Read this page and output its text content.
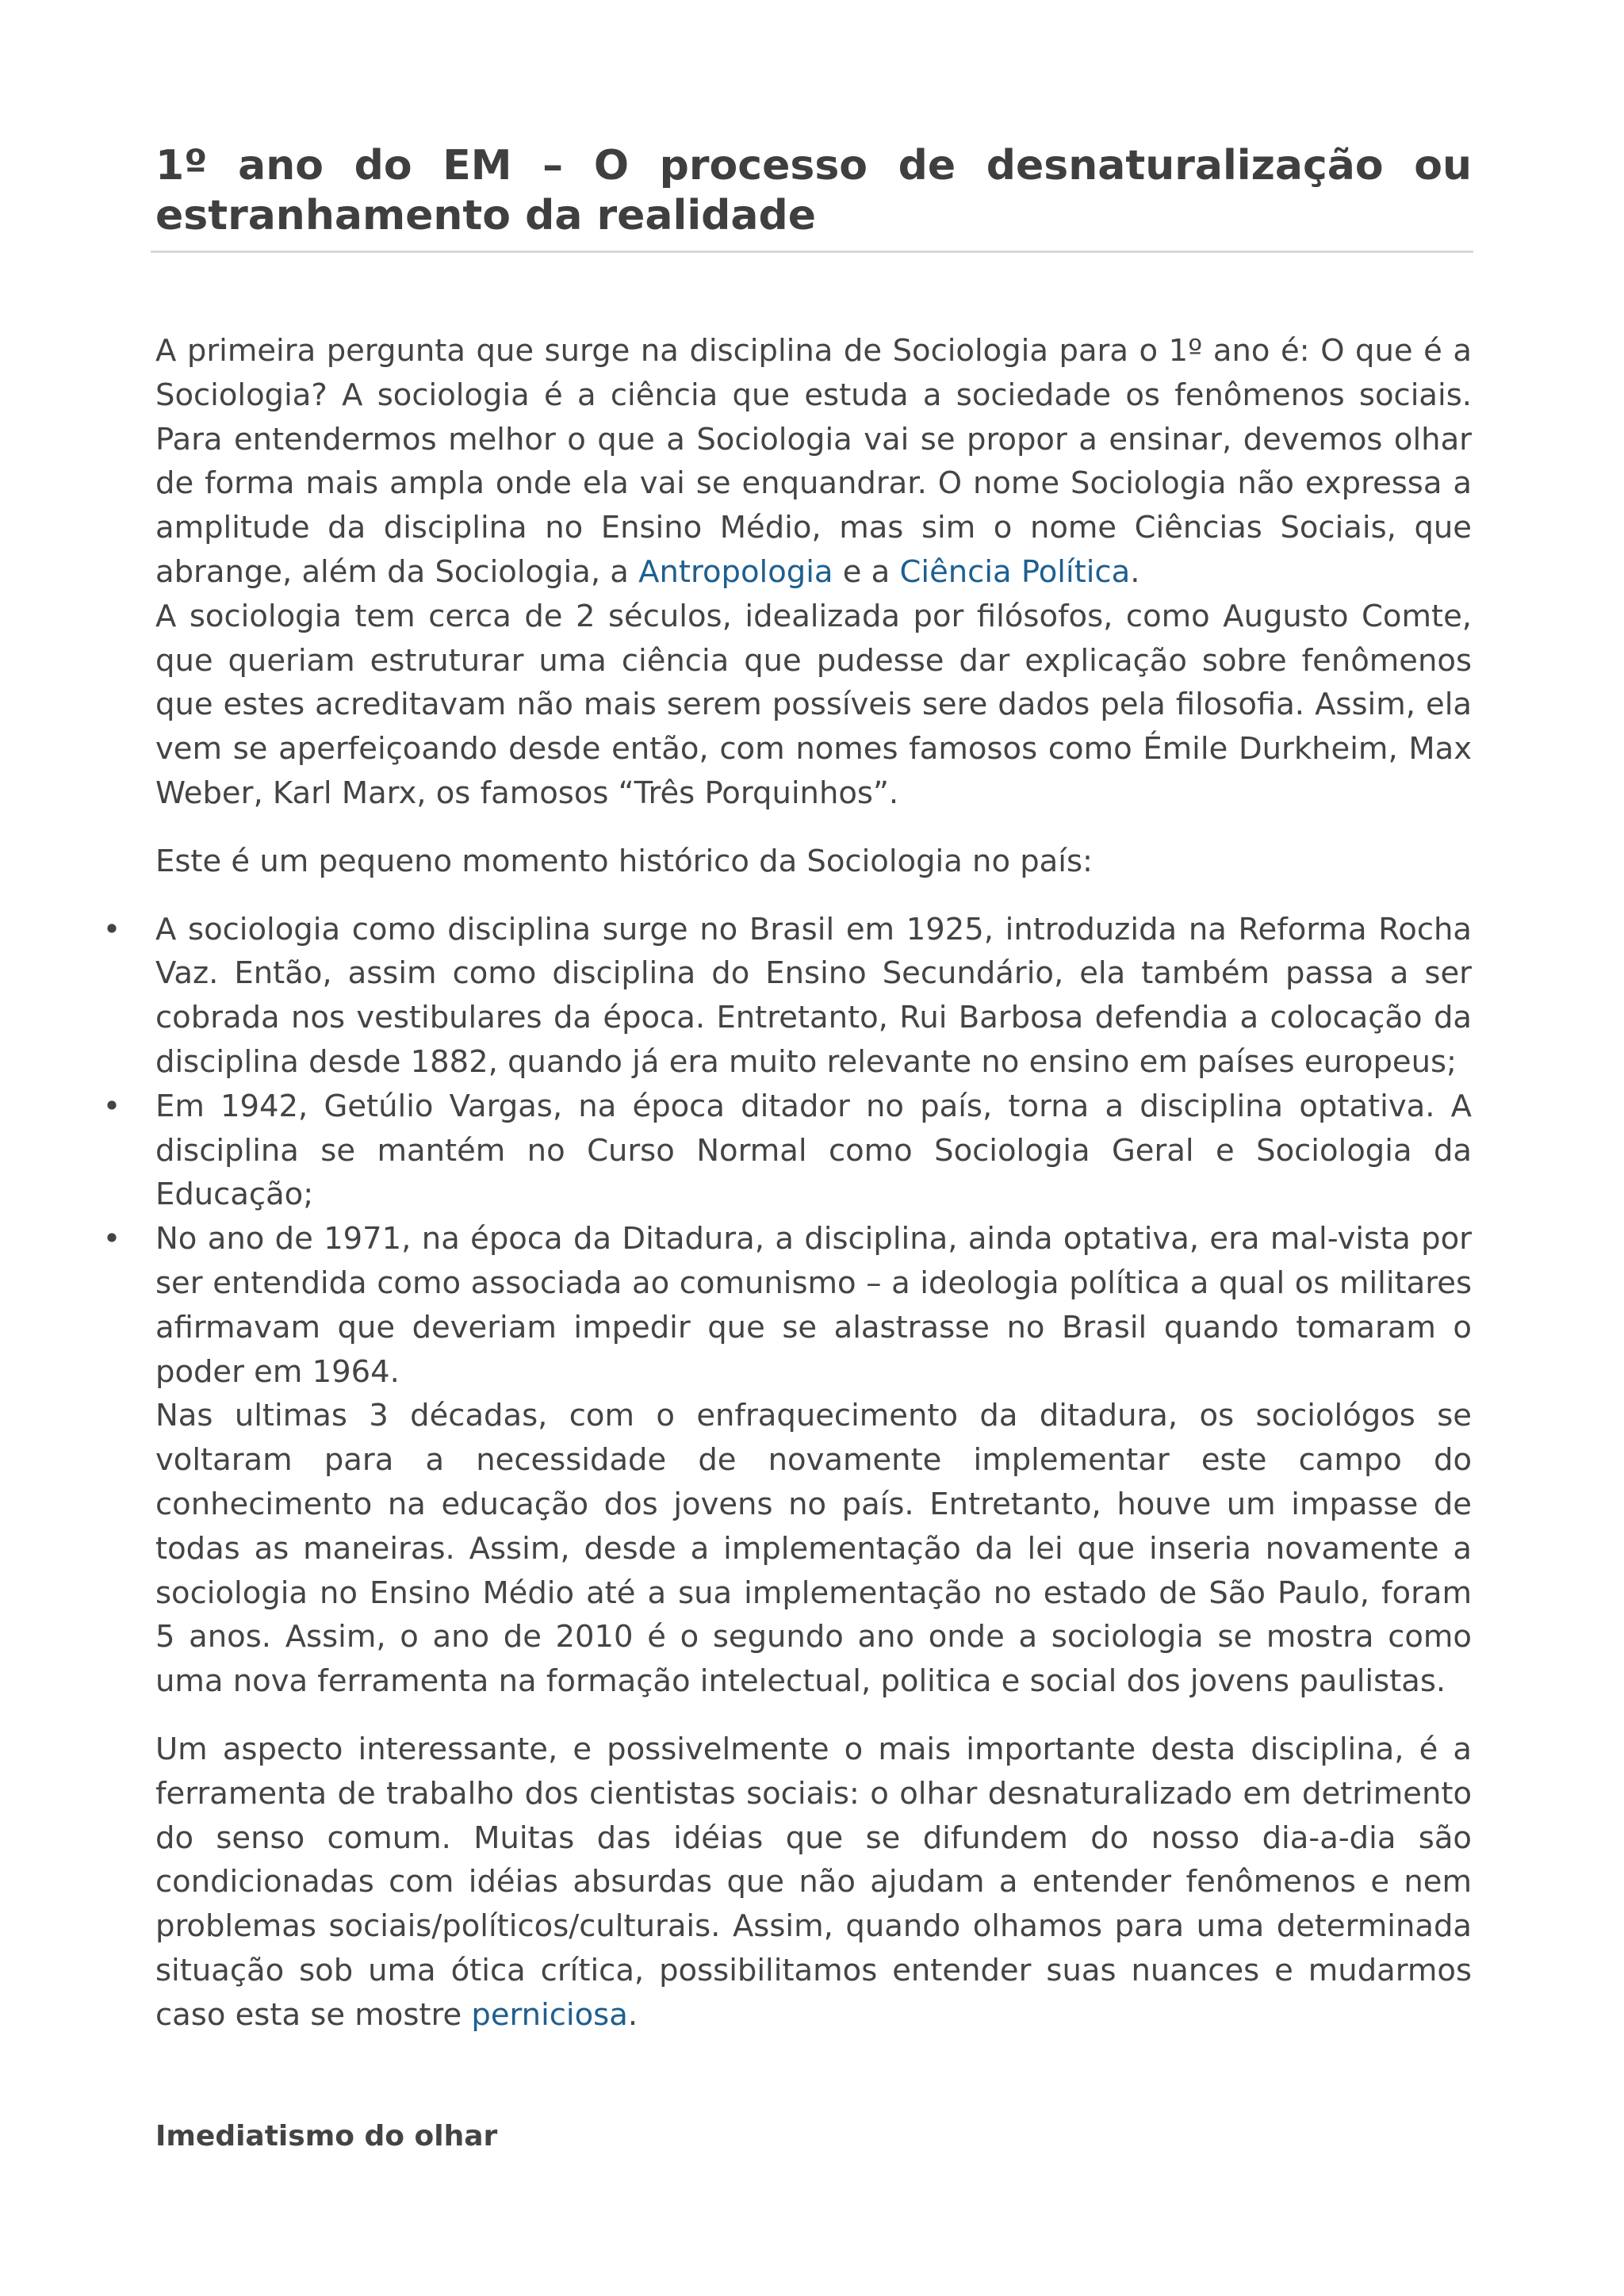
1º ano do EM – O processo de desnaturalização ou estranhamento da realidade

A primeira pergunta que surge na disciplina de Sociologia para o 1º ano é: O que é a Sociologia? A sociologia é a ciência que estuda a sociedade os fenômenos sociais. Para entendermos melhor o que a Sociologia vai se propor a ensinar, devemos olhar de forma mais ampla onde ela vai se enquandrar. O nome Sociologia não expressa a amplitude da disciplina no Ensino Médio, mas sim o nome Ciências Sociais, que abrange, além da Sociologia, a Antropologia e a Ciência Política.

A sociologia tem cerca de 2 séculos, idealizada por filósofos, como Augusto Comte, que queriam estruturar uma ciência que pudesse dar explicação sobre fenômenos que estes acreditavam não mais serem possíveis sere dados pela filosofia. Assim, ela vem se aperfeiçoando desde então, com nomes famosos como Émile Durkheim, Max Weber, Karl Marx, os famosos “Três Porquinhos”.

Este é um pequeno momento histórico da Sociologia no país:

• A sociologia como disciplina surge no Brasil em 1925, introduzida na Reforma Rocha Vaz. Então, assim como disciplina do Ensino Secundário, ela também passa a ser cobrada nos vestibulares da época. Entretanto, Rui Barbosa defendia a colocação da disciplina desde 1882, quando já era muito relevante no ensino em países europeus;
• Em 1942, Getúlio Vargas, na época ditador no país, torna a disciplina optativa. A disciplina se mantém no Curso Normal como Sociologia Geral e Sociologia da Educação;
• No ano de 1971, na época da Ditadura, a disciplina, ainda optativa, era mal-vista por ser entendida como associada ao comunismo – a ideologia política a qual os militares afirmavam que deveriam impedir que se alastrasse no Brasil quando tomaram o poder em 1964.

Nas ultimas 3 décadas, com o enfraquecimento da ditadura, os sociológos se voltaram para a necessidade de novamente implementar este campo do conhecimento na educação dos jovens no país. Entretanto, houve um impasse de todas as maneiras. Assim, desde a implementação da lei que inseria novamente a sociologia no Ensino Médio até a sua implementação no estado de São Paulo, foram 5 anos. Assim, o ano de 2010 é o segundo ano onde a sociologia se mostra como uma nova ferramenta na formação intelectual, politica e social dos jovens paulistas.

Um aspecto interessante, e possivelmente o mais importante desta disciplina, é a ferramenta de trabalho dos cientistas sociais: o olhar desnaturalizado em detrimento do senso comum. Muitas das idéias que se difundem do nosso dia-a-dia são condicionadas com idéias absurdas que não ajudam a entender fenômenos e nem problemas sociais/políticos/culturais. Assim, quando olhamos para uma determinada situação sob uma ótica crítica, possibilitamos entender suas nuances e mudarmos caso esta se mostre perniciosa.

Imediatismo do olhar
